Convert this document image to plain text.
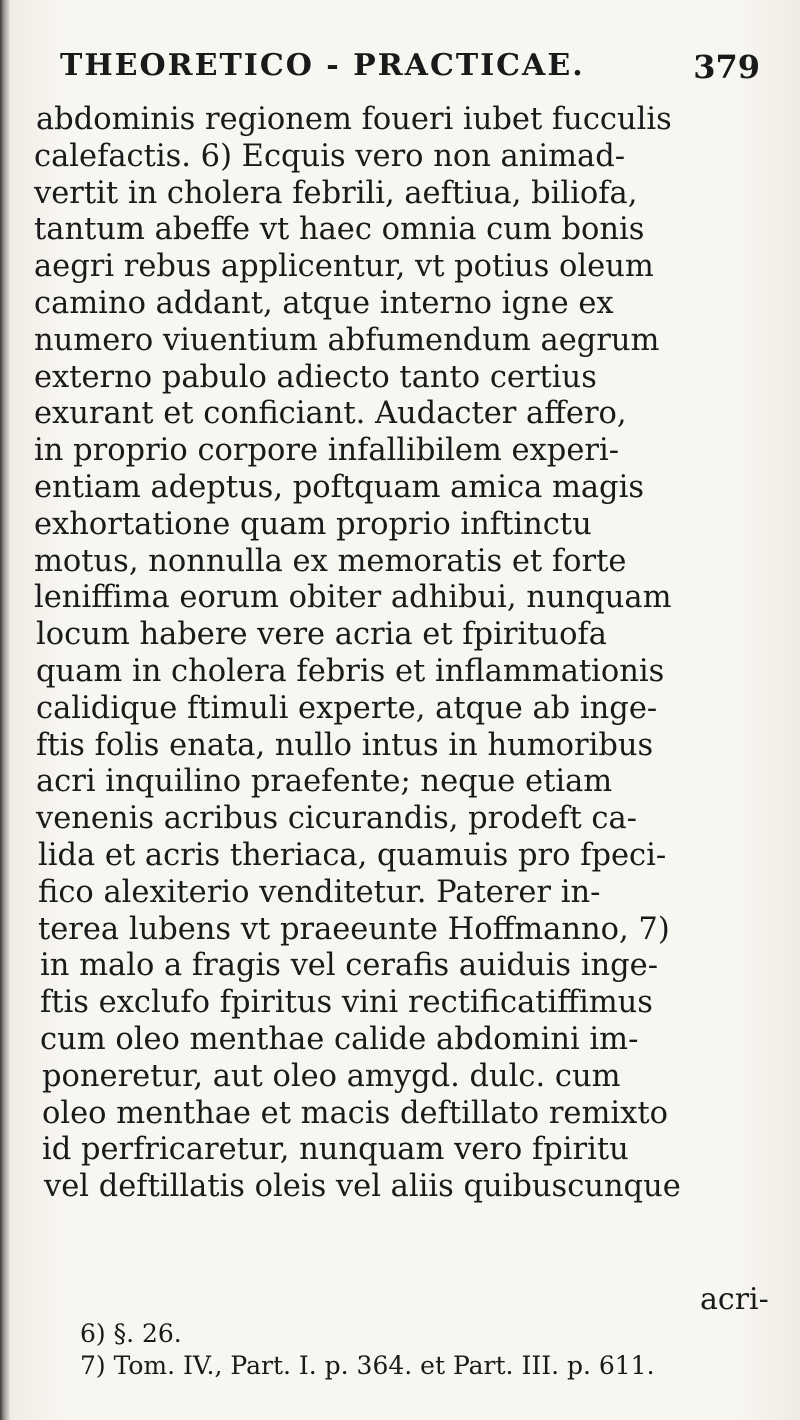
THEORETICO - PRACTICAE.	379
abdominis regionem foueri iubet fucculis
calefactis. 6) Ecquis vero non animad-
vertit in cholera febrili, aeftiua, biliofa,
tantum abeffe vt haec omnia cum bonis
aegri rebus applicentur, vt potius oleum
camino addant, atque interno igne ex
numero viuentium abfumendum aegrum
externo pabulo adiecto tanto certius
exurant et conficiant. Audacter affero,
in proprio corpore infallibilem experi-
entiam adeptus, poftquam amica magis
exhortatione quam proprio inftinctu
motus, nonnulla ex memoratis et forte
leniffima eorum obiter adhibui, nunquam
locum habere vere acria et fpirituofa
quam in cholera febris et inflammationis
calidique ftimuli experte, atque ab inge-
ftis folis enata, nullo intus in humoribus
acri inquilino praefente; neque etiam
venenis acribus cicurandis, prodeft ca-
lida et acris theriaca, quamuis pro fpeci-
fico alexiterio venditetur. Paterer in-
terea lubens vt praeeunte Hoffmanno, 7)
in malo a fragis vel cerafis auiduis inge-
ftis exclufo fpiritus vini rectificatiffimus
cum oleo menthae calide abdomini im-
poneretur, aut oleo amygd. dulc. cum
oleo menthae et macis deftillato remixto
id perfricaretur, nunquam vero fpiritu
vel deftillatis oleis vel aliis quibuscunque
acri-
6) §. 26.
7) Tom. IV., Part. I. p. 364. et Part. III. p. 611.
